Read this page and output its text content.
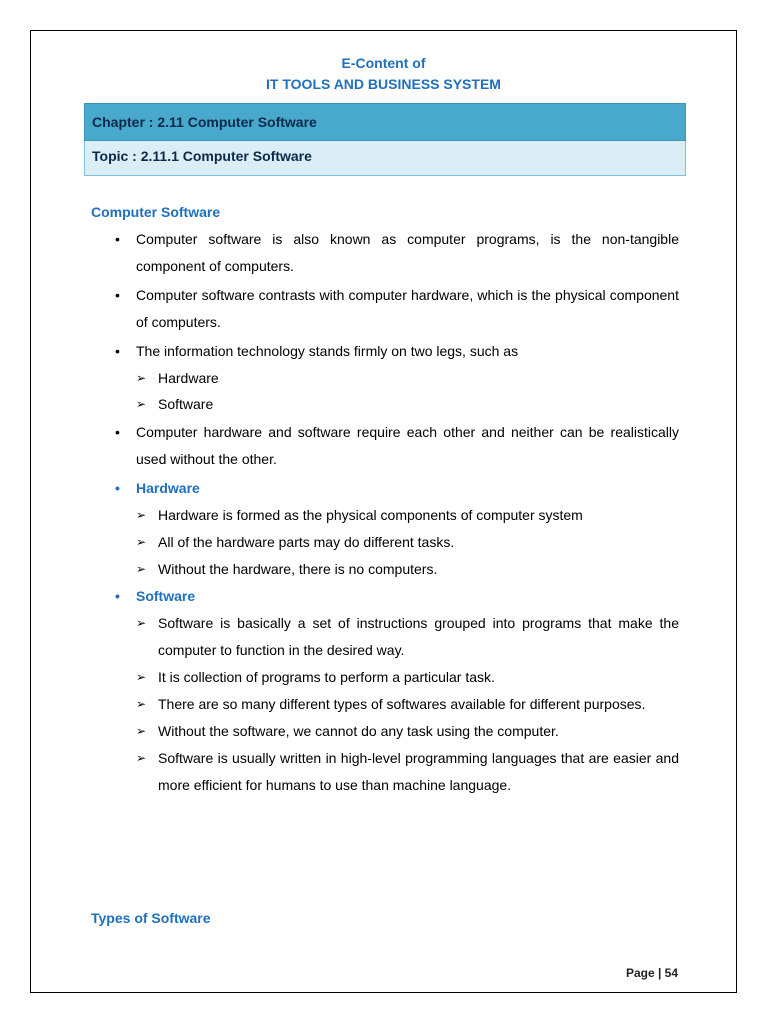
E-Content of
IT TOOLS AND BUSINESS SYSTEM
Chapter : 2.11 Computer Software
Topic : 2.11.1 Computer Software
Computer Software
• Computer software is also known as computer programs, is the non-tangible component of computers.
• Computer software contrasts with computer hardware, which is the physical component of computers.
• The information technology stands firmly on two legs, such as
➢ Hardware
➢ Software
• Computer hardware and software require each other and neither can be realistically used without the other.
• Hardware
➢ Hardware is formed as the physical components of computer system
➢ All of the hardware parts may do different tasks.
➢ Without the hardware, there is no computers.
• Software
➢ Software is basically a set of instructions grouped into programs that make the computer to function in the desired way.
➢ It is collection of programs to perform a particular task.
➢ There are so many different types of softwares available for different purposes.
➢ Without the software, we cannot do any task using the computer.
➢ Software is usually written in high-level programming languages that are easier and more efficient for humans to use than machine language.
Types of Software
Page | 54
